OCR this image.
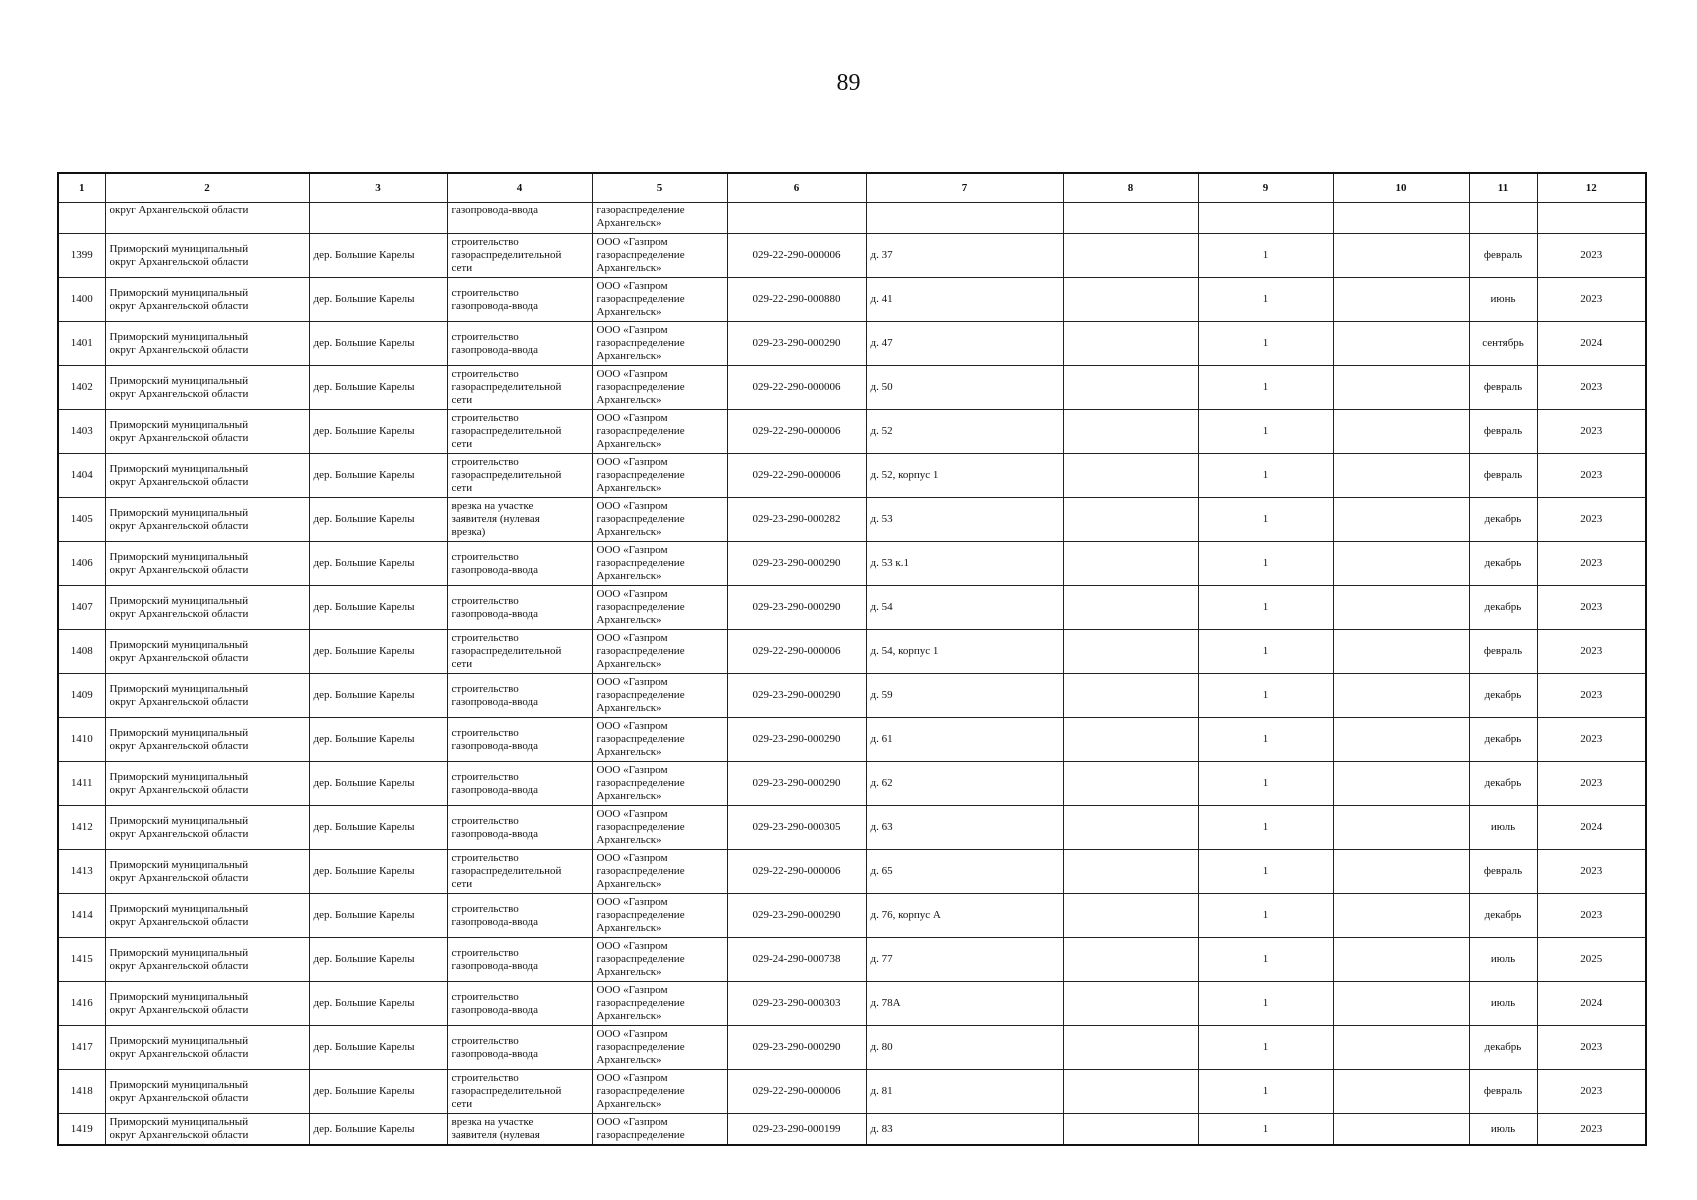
89
1	2	3	4	5	6	7	8	9	10	11	12
	округ Архангельской области		газопровода-ввода	газораспределение Архангельск»							
1399	Приморский муниципальный
округ Архангельской области	дер. Большие Карелы	строительство
газораспределительной
сети	ООО «Газпром
газораспределение
Архангельск»	029-22-290-000006	д. 37		1		февраль	2023
1400	Приморский муниципальный
округ Архангельской области	дер. Большие Карелы	строительство
газопровода-ввода	ООО «Газпром
газораспределение
Архангельск»	029-22-290-000880	д. 41		1		июнь	2023
1401	Приморский муниципальный
округ Архангельской области	дер. Большие Карелы	строительство
газопровода-ввода	ООО «Газпром
газораспределение
Архангельск»	029-23-290-000290	д. 47		1		сентябрь	2024
1402	Приморский муниципальный
округ Архангельской области	дер. Большие Карелы	строительство
газораспределительной
сети	ООО «Газпром
газораспределение
Архангельск»	029-22-290-000006	д. 50		1		февраль	2023
1403	Приморский муниципальный
округ Архангельской области	дер. Большие Карелы	строительство
газораспределительной
сети	ООО «Газпром
газораспределение
Архангельск»	029-22-290-000006	д. 52		1		февраль	2023
1404	Приморский муниципальный
округ Архангельской области	дер. Большие Карелы	строительство
газораспределительной
сети	ООО «Газпром
газораспределение
Архангельск»	029-22-290-000006	д. 52, корпус 1		1		февраль	2023
1405	Приморский муниципальный
округ Архангельской области	дер. Большие Карелы	врезка на участке
заявителя (нулевая
врезка)	ООО «Газпром
газораспределение
Архангельск»	029-23-290-000282	д. 53		1		декабрь	2023
1406	Приморский муниципальный
округ Архангельской области	дер. Большие Карелы	строительство
газопровода-ввода	ООО «Газпром
газораспределение
Архангельск»	029-23-290-000290	д. 53 к.1		1		декабрь	2023
1407	Приморский муниципальный
округ Архангельской области	дер. Большие Карелы	строительство
газопровода-ввода	ООО «Газпром
газораспределение
Архангельск»	029-23-290-000290	д. 54		1		декабрь	2023
1408	Приморский муниципальный
округ Архангельской области	дер. Большие Карелы	строительство
газораспределительной
сети	ООО «Газпром
газораспределение
Архангельск»	029-22-290-000006	д. 54, корпус 1		1		февраль	2023
1409	Приморский муниципальный
округ Архангельской области	дер. Большие Карелы	строительство
газопровода-ввода	ООО «Газпром
газораспределение
Архангельск»	029-23-290-000290	д. 59		1		декабрь	2023
1410	Приморский муниципальный
округ Архангельской области	дер. Большие Карелы	строительство
газопровода-ввода	ООО «Газпром
газораспределение
Архангельск»	029-23-290-000290	д. 61		1		декабрь	2023
1411	Приморский муниципальный
округ Архангельской области	дер. Большие Карелы	строительство
газопровода-ввода	ООО «Газпром
газораспределение
Архангельск»	029-23-290-000290	д. 62		1		декабрь	2023
1412	Приморский муниципальный
округ Архангельской области	дер. Большие Карелы	строительство
газопровода-ввода	ООО «Газпром
газораспределение
Архангельск»	029-23-290-000305	д. 63		1		июль	2024
1413	Приморский муниципальный
округ Архангельской области	дер. Большие Карелы	строительство
газораспределительной
сети	ООО «Газпром
газораспределение
Архангельск»	029-22-290-000006	д. 65		1		февраль	2023
1414	Приморский муниципальный
округ Архангельской области	дер. Большие Карелы	строительство
газопровода-ввода	ООО «Газпром
газораспределение
Архангельск»	029-23-290-000290	д. 76, корпус А		1		декабрь	2023
1415	Приморский муниципальный
округ Архангельской области	дер. Большие Карелы	строительство
газопровода-ввода	ООО «Газпром
газораспределение
Архангельск»	029-24-290-000738	д. 77		1		июль	2025
1416	Приморский муниципальный
округ Архангельской области	дер. Большие Карелы	строительство
газопровода-ввода	ООО «Газпром
газораспределение
Архангельск»	029-23-290-000303	д. 78А		1		июль	2024
1417	Приморский муниципальный
округ Архангельской области	дер. Большие Карелы	строительство
газопровода-ввода	ООО «Газпром
газораспределение
Архангельск»	029-23-290-000290	д. 80		1		декабрь	2023
1418	Приморский муниципальный
округ Архангельской области	дер. Большие Карелы	строительство
газораспределительной
сети	ООО «Газпром
газораспределение
Архангельск»	029-22-290-000006	д. 81		1		февраль	2023
1419	Приморский муниципальный
округ Архангельской области	дер. Большие Карелы	врезка на участке
заявителя (нулевая	ООО «Газпром
газораспределение	029-23-290-000199	д. 83		1		июль	2023
